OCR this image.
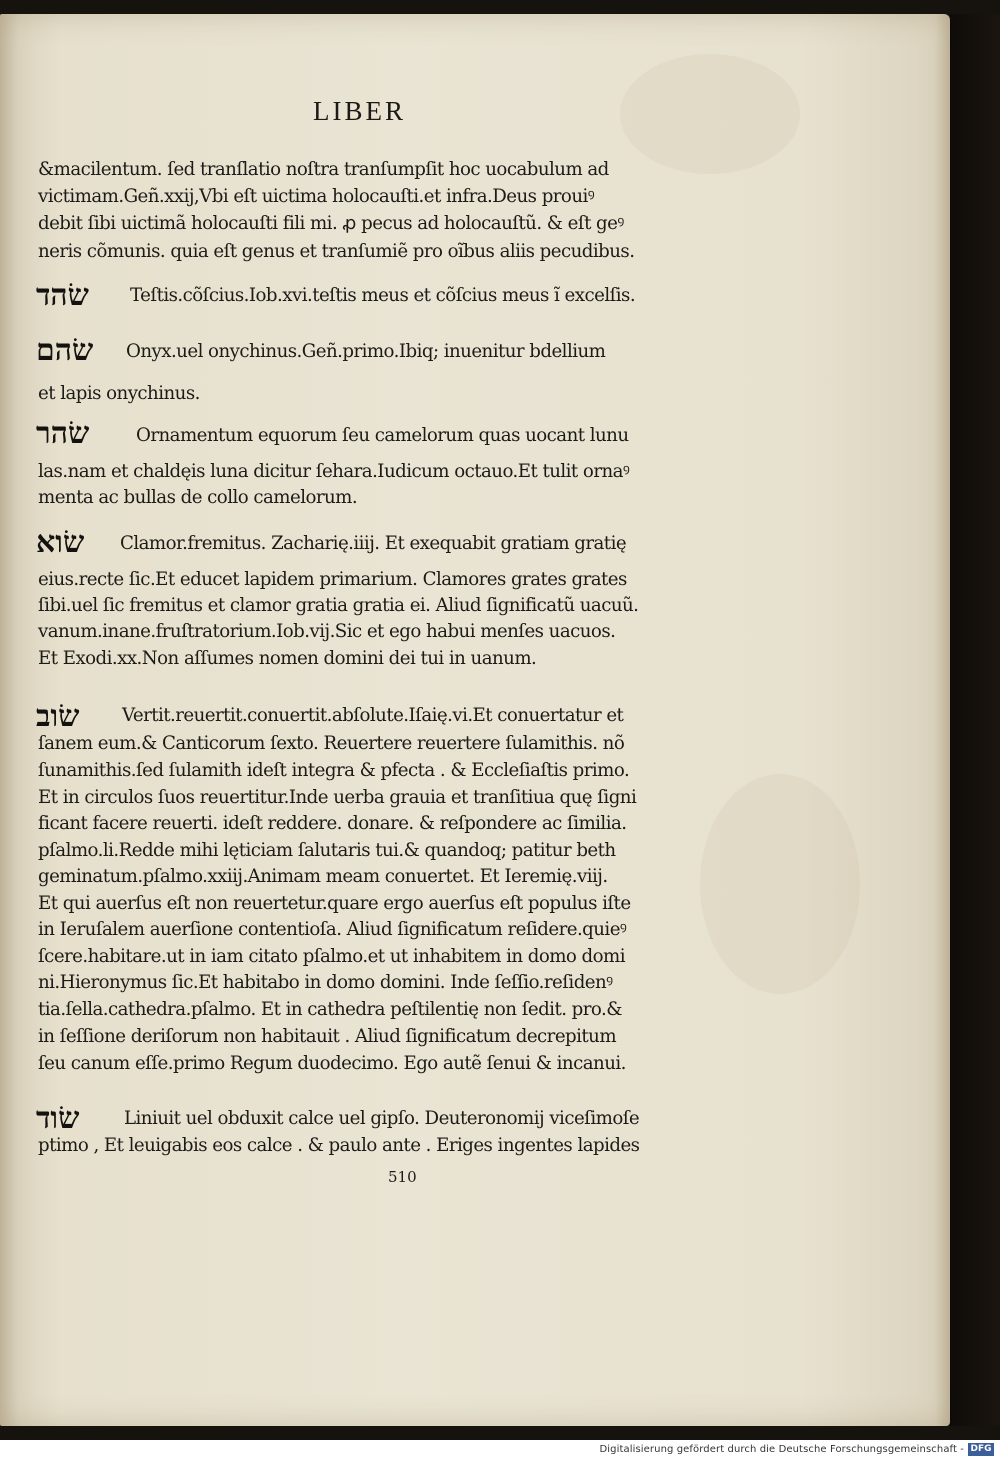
LIBER
&macilentum. ſed tranſlatio noſtra tranſumpſit hoc uocabulum ad
victimam.Geñ.xxij,Vbi eſt uictima holocauſti.et infra.Deus prouiꝰ
debit ſibi uictimã holocauſti fili mi. ꝓ pecus ad holocauſtũ. & eſt geꝰ
neris cõmunis. quia eſt genus et tranſumiẽ pro oĩbus aliis pecudibus.
שׂהד Teſtis.cõſcius.Iob.xvi.teſtis meus et cõſcius meus ĩ excelſis.
שׂהם Onyx.uel onychinus.Geñ.primo.Ibiq; inuenitur bdellium
et lapis onychinus.
שׂהר	Ornamentum equorum ſeu camelorum quas uocant lunu
las.nam et chaldęis luna dicitur ſehara.Iudicum octauo.Et tulit ornaꝰ
menta ac bullas de collo camelorum.
שׂוא Clamor.fremitus. Zacharię.iiij. Et exequabit gratiam gratię
eius.recte ſic.Et educet lapidem primarium. Clamores grates grates
ſibi.uel ſic fremitus et clamor gratia gratia ei. Aliud ſignificatũ uacuũ.
vanum.inane.fruſtratorium.Iob.vij.Sic et ego habui menſes uacuos.
Et Exodi.xx.Non aſſumes nomen domini dei tui in uanum.
שׂוב Vertit.reuertit.conuertit.abſolute.Iſaię.vi.Et conuertatur et
ſanem eum.& Canticorum ſexto. Reuertere reuertere ſulamithis. nõ
ſunamithis.ſed ſulamith ideſt integra & pfecta . & Eccleſiaſtis primo.
Et in circulos ſuos reuertitur.Inde uerba grauia et tranſitiua quę ſigni
ficant facere reuerti. ideſt reddere. donare. & reſpondere ac ſimilia.
pſalmo.li.Redde mihi lęticiam ſalutaris tui.& quandoq; patitur beth
geminatum.pſalmo.xxiij.Animam meam conuertet. Et Ieremię.viij.
Et qui auerſus eſt non reuertetur.quare ergo auerſus eſt populus iſte
in Ieruſalem auerſione contentioſa. Aliud ſignificatum reſidere.quieꝰ
ſcere.habitare.ut in iam citato pſalmo.et ut inhabitem in domo domi
ni.Hieronymus ſic.Et habitabo in domo domini. Inde ſeſſio.reſidenꝰ
tia.ſella.cathedra.pſalmo. Et in cathedra peſtilentię non ſedit. pro.&
in ſeſſione deriſorum non habitauit . Aliud ſignificatum decrepitum
ſeu canum eſſe.primo Regum duodecimo. Ego autẽ ſenui & incanui.
שׂוד Liniuit uel obduxit calce uel gipſo. Deuteronomij viceſimoſe
ptimo , Et leuigabis eos calce . & paulo ante . Eriges ingentes lapides
510
Digitalisierung gefördert durch die Deutsche Forschungsgemeinschaft - DFG
